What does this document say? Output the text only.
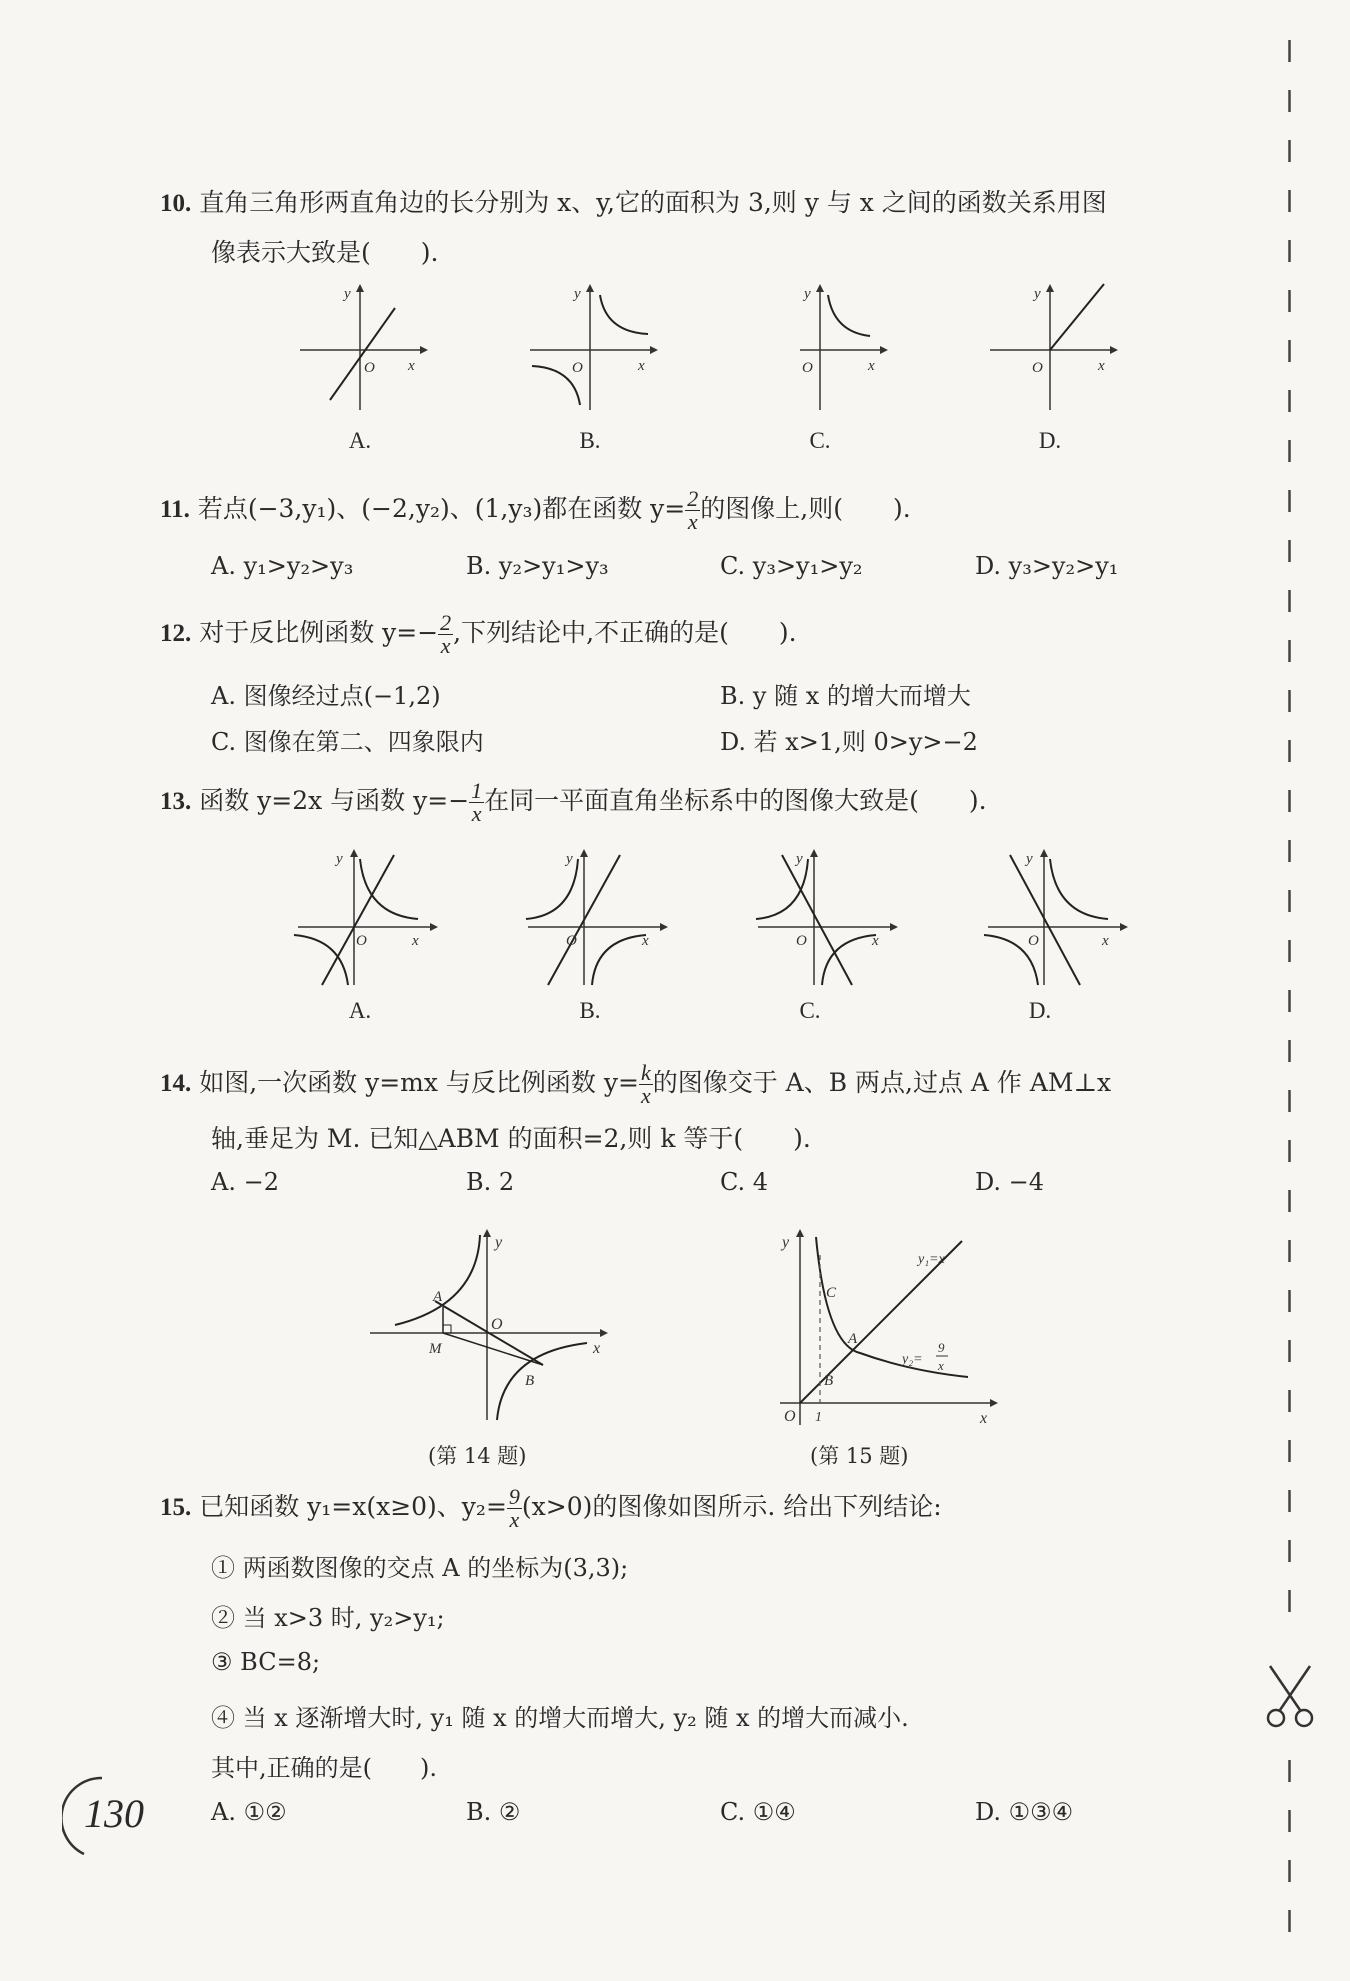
10. 直角三角形两直角边的长分别为 x、y,它的面积为 3,则 y 与 x 之间的函数关系用图
像表示大致是(　　).
y
x
O
y
x
O
y
x
O
y
x
O
A.	B.	C.	D.
11. 若点(−3,y₁)、(−2,y₂)、(1,y₃)都在函数 $y= \frac{2}{x}$ 的图像上,则(　　).
A. y₁>y₂>y₃	B. y₂>y₁>y₃	C. y₃>y₁>y₂	D. y₃>y₂>y₁
12. 对于反比例函数 $y=- \frac{2}{x}$ ,下列结论中,不正确的是(　　).
A. 图像经过点(−1,2)	B. y 随 x 的增大而增大
C. 图像在第二、四象限内	D. 若 x>1,则 0>y>−2
13. 函数 y=2x 与函数 $y=- \frac{1}{x}$ 在同一平面直角坐标系中的图像大致是(　　).
y
x
O
y
x
O
y
x
O
y
x
O
A.	B.	C.	D.
14. 如图,一次函数 y=mx 与反比例函数 $y= \frac{k}{x}$ 的图像交于 A、B 两点,过点 A 作 AM⊥x
轴,垂足为 M. 已知△ABM 的面积=2,则 k 等于(　　).
A. −2	B. 2	C. 4	D. −4
y
x
O
A
M
B
(第 14 题)
y
x
O 1
C
A
B
y₁=x
y₂=
9
x
(第 15 题)
15. 已知函数 y₁=x(x≥0)、$y_2= \frac{9}{x} (x>0)$的图像如图所示. 给出下列结论:
① 两函数图像的交点 A 的坐标为(3,3);
② 当 x>3 时, y₂>y₁;
③ BC=8;
④ 当 x 逐渐增大时, y₁ 随 x 的增大而增大, y₂ 随 x 的增大而减小.
其中,正确的是(　　).
A. ①②	B. ②	C. ①④	D. ①③④
130
